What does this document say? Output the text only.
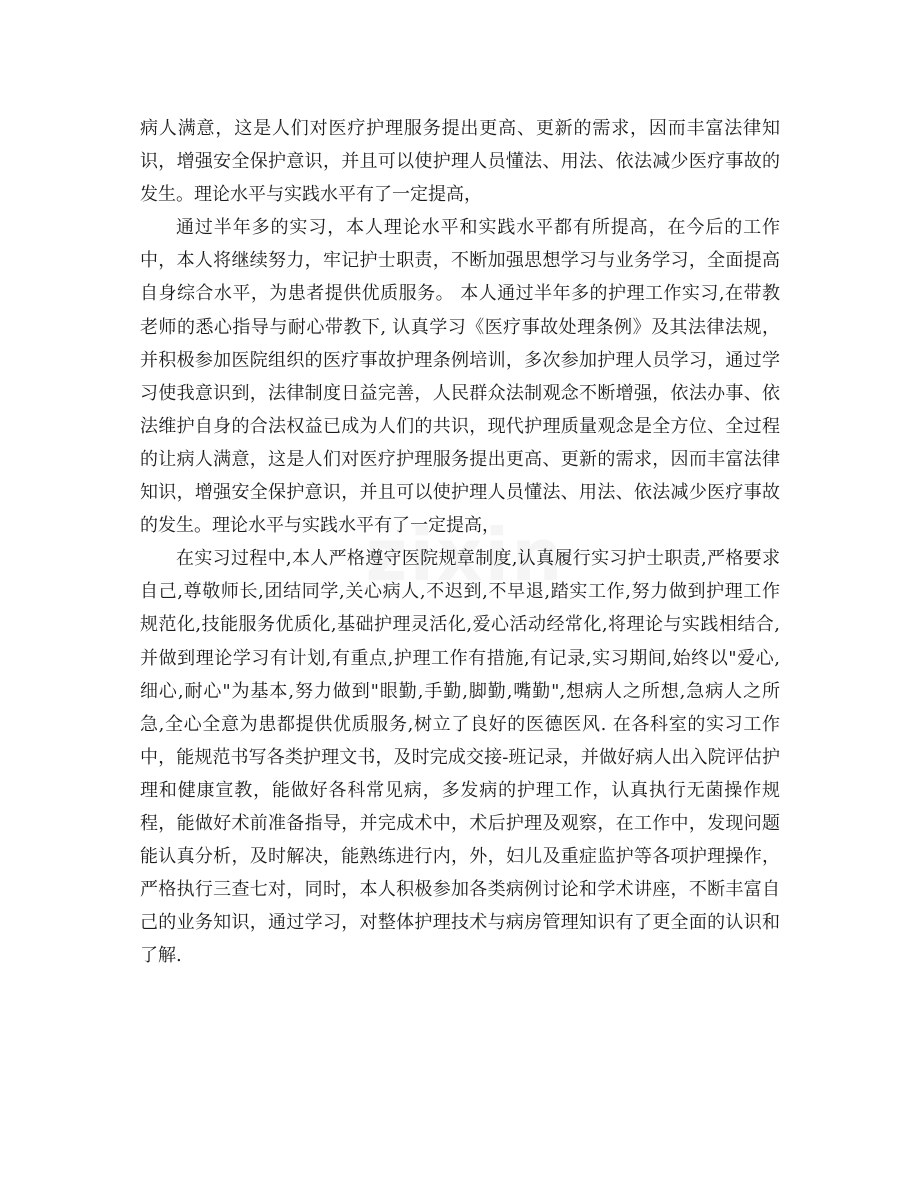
病人满意，这是人们对医疗护理服务提出更高、更新的需求，因而丰富法律知
识，增强安全保护意识，并且可以使护理人员懂法、用法、依法减少医疗事故的
发生。理论水平与实践水平有了一定提高，
通过半年多的实习，本人理论水平和实践水平都有所提高，在今后的工作
中，本人将继续努力，牢记护士职责，不断加强思想学习与业务学习，全面提高
自身综合水平，为患者提供优质服务。 本人通过半年多的护理工作实习,在带教
老师的悉心指导与耐心带教下, 认真学习《医疗事故处理条例》及其法律法规，
并积极参加医院组织的医疗事故护理条例培训，多次参加护理人员学习，通过学
习使我意识到，法律制度日益完善，人民群众法制观念不断增强，依法办事、依
法维护自身的合法权益已成为人们的共识，现代护理质量观念是全方位、全过程
的让病人满意，这是人们对医疗护理服务提出更高、更新的需求，因而丰富法律
知识，增强安全保护意识，并且可以使护理人员懂法、用法、依法减少医疗事故
的发生。理论水平与实践水平有了一定提高，
在实习过程中,本人严格遵守医院规章制度,认真履行实习护士职责,严格要求
自己,尊敬师长,团结同学,关心病人,不迟到,不早退,踏实工作,努力做到护理工作
规范化,技能服务优质化,基础护理灵活化,爱心活动经常化,将理论与实践相结合,
并做到理论学习有计划,有重点,护理工作有措施,有记录,实习期间,始终以"爱心,
细心,耐心"为基本,努力做到"眼勤,手勤,脚勤,嘴勤",想病人之所想,急病人之所
急,全心全意为患都提供优质服务,树立了良好的医德医风. 在各科室的实习工作
中，能规范书写各类护理文书，及时完成交接-班记录，并做好病人出入院评估护
理和健康宣教，能做好各科常见病，多发病的护理工作，认真执行无菌操作规
程，能做好术前准备指导，并完成术中，术后护理及观察，在工作中，发现问题
能认真分析，及时解决，能熟练进行内，外，妇儿及重症监护等各项护理操作，
严格执行三查七对，同时，本人积极参加各类病例讨论和学术讲座，不断丰富自
己的业务知识，通过学习，对整体护理技术与病房管理知识有了更全面的认识和
了解.
